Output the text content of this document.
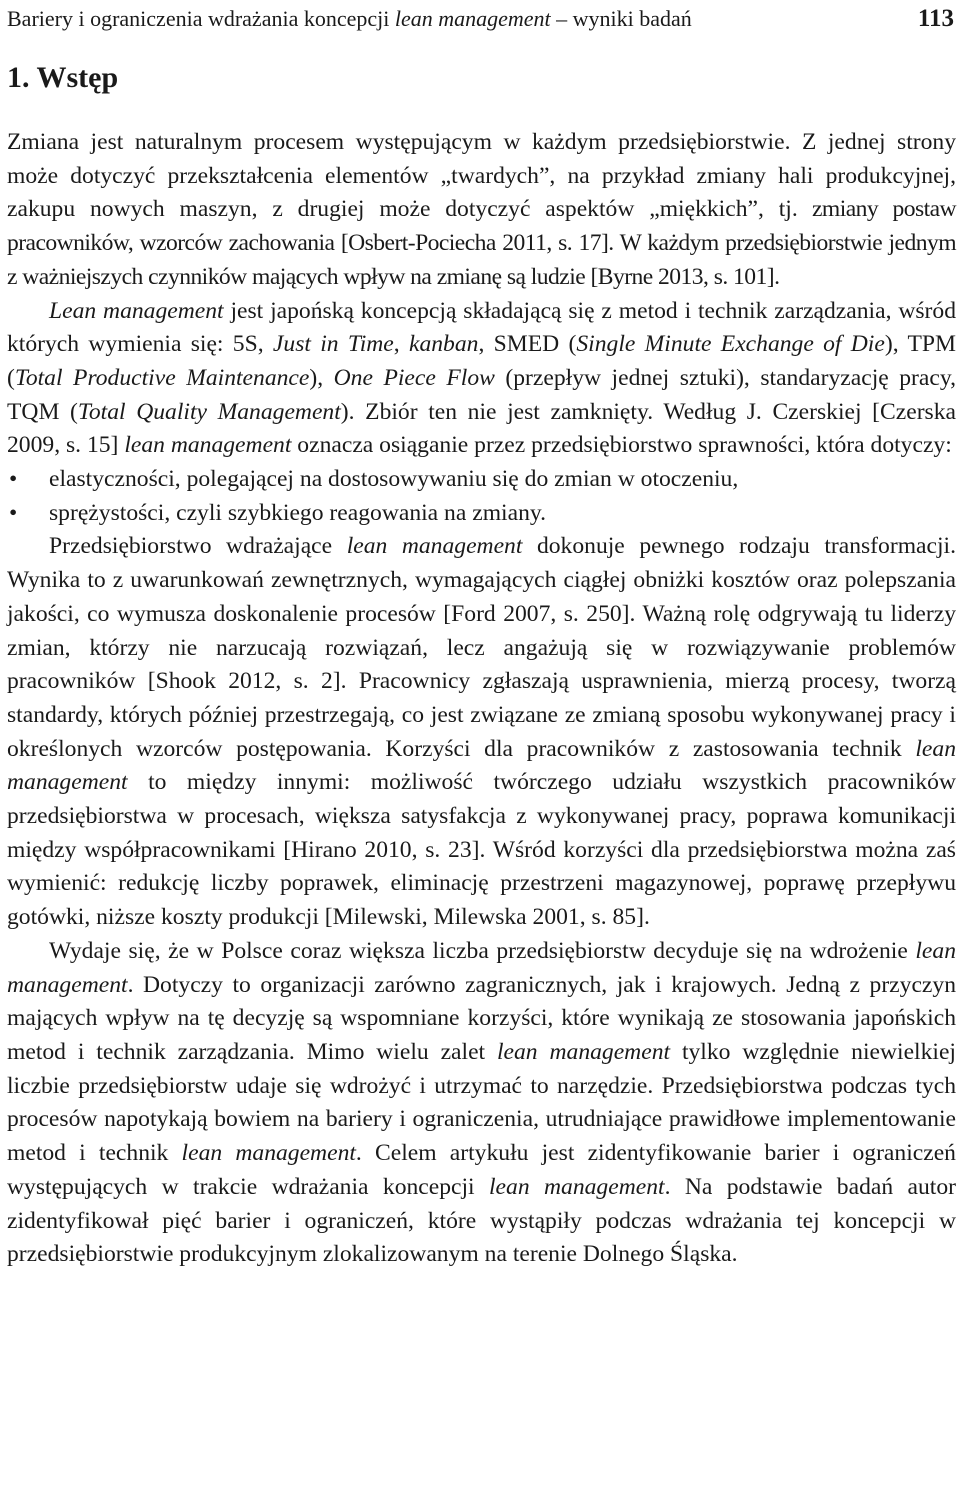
Bariery i ograniczenia wdrażania koncepcji lean management – wyniki badań	113
1. Wstęp

Zmiana jest naturalnym procesem występującym w każdym przedsiębiorstwie. Z jednej strony może dotyczyć przekształcenia elementów „twardych”, na przykład zmiany hali produkcyjnej, zakupu nowych maszyn, z drugiej może dotyczyć aspektów „miękkich”, tj. zmiany postaw pracowników, wzorców zachowania [Osbert-Pociecha 2011, s. 17]. W każdym przedsiębiorstwie jednym z ważniejszych czynników mających wpływ na zmianę są ludzie [Byrne 2013, s. 101].

Lean management jest japońską koncepcją składającą się z metod i technik zarządzania, wśród których wymienia się: 5S, Just in Time, kanban, SMED (Single Minute Exchange of Die), TPM (Total Productive Maintenance), One Piece Flow (przepływ jednej sztuki), standaryzację pracy, TQM (Total Quality Management). Zbiór ten nie jest zamknięty. Według J. Czerskiej [Czerska 2009, s. 15] lean management oznacza osiąganie przez przedsiębiorstwo sprawności, która dotyczy:

• elastyczności, polegającej na dostosowywaniu się do zmian w otoczeniu,
• sprężystości, czyli szybkiego reagowania na zmiany.

Przedsiębiorstwo wdrażające lean management dokonuje pewnego rodzaju transformacji. Wynika to z uwarunkowań zewnętrznych, wymagających ciągłej obniżki kosztów oraz polepszania jakości, co wymusza doskonalenie procesów [Ford 2007, s. 250]. Ważną rolę odgrywają tu liderzy zmian, którzy nie narzucają rozwiązań, lecz angażują się w rozwiązywanie problemów pracowników [Shook 2012, s. 2]. Pracownicy zgłaszają usprawnienia, mierzą procesy, tworzą standardy, których później przestrzegają, co jest związane ze zmianą sposobu wykonywanej pracy i określonych wzorców postępowania. Korzyści dla pracowników z zastosowania technik lean management to między innymi: możliwość twórczego udziału wszystkich pracowników przedsiębiorstwa w procesach, większa satysfakcja z wykonywanej pracy, poprawa komunikacji między współpracownikami [Hirano 2010, s. 23]. Wśród korzyści dla przedsiębiorstwa można zaś wymienić: redukcję liczby poprawek, eliminację przestrzeni magazynowej, poprawę przepływu gotówki, niższe koszty produkcji [Milewski, Milewska 2001, s. 85].

Wydaje się, że w Polsce coraz większa liczba przedsiębiorstw decyduje się na wdrożenie lean management. Dotyczy to organizacji zarówno zagranicznych, jak i krajowych. Jedną z przyczyn mających wpływ na tę decyzję są wspomniane korzyści, które wynikają ze stosowania japońskich metod i technik zarządzania. Mimo wielu zalet lean management tylko względnie niewielkiej liczbie przedsiębiorstw udaje się wdrożyć i utrzymać to narzędzie. Przedsiębiorstwa podczas tych procesów napotykają bowiem na bariery i ograniczenia, utrudniające prawidłowe implementowanie metod i technik lean management. Celem artykułu jest zidentyfikowanie barier i ograniczeń występujących w trakcie wdrażania koncepcji lean management. Na podstawie badań autor zidentyfikował pięć barier i ograniczeń, które wystąpiły podczas wdrażania tej koncepcji w przedsiębiorstwie produkcyjnym zlokalizowanym na terenie Dolnego Śląska.
